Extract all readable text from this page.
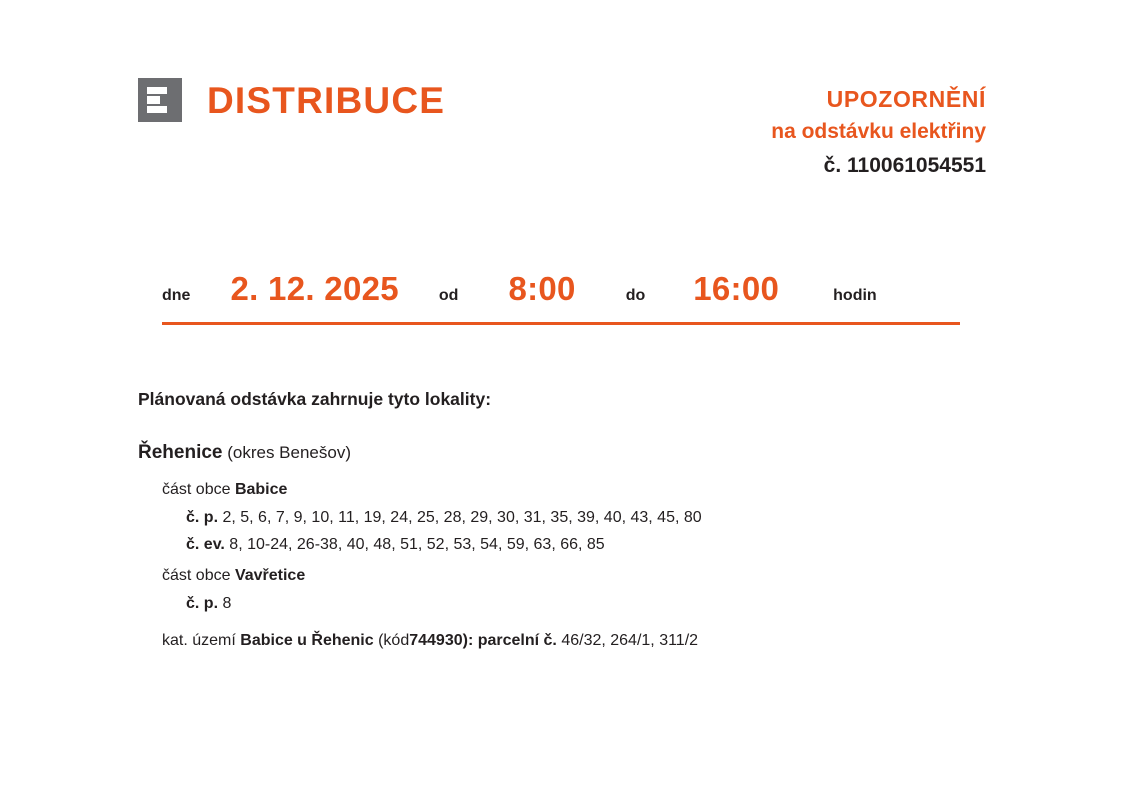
DISTRIBUCE	UPOZORNĚNÍ
na odstávku elektřiny
č. 110061054551
dne 2. 12. 2025	od 8:00	do 16:00	hodin
Plánovaná odstávka zahrnuje tyto lokality:
Řehenice (okres Benešov)
část obce Babice
č. p. 2, 5, 6, 7, 9, 10, 11, 19, 24, 25, 28, 29, 30, 31, 35, 39, 40, 43, 45, 80
č. ev. 8, 10-24, 26-38, 40, 48, 51, 52, 53, 54, 59, 63, 66, 85
část obce Vavřetice
č. p. 8
kat. území Babice u Řehenic (kód744930): parcelní č. 46/32, 264/1, 311/2
